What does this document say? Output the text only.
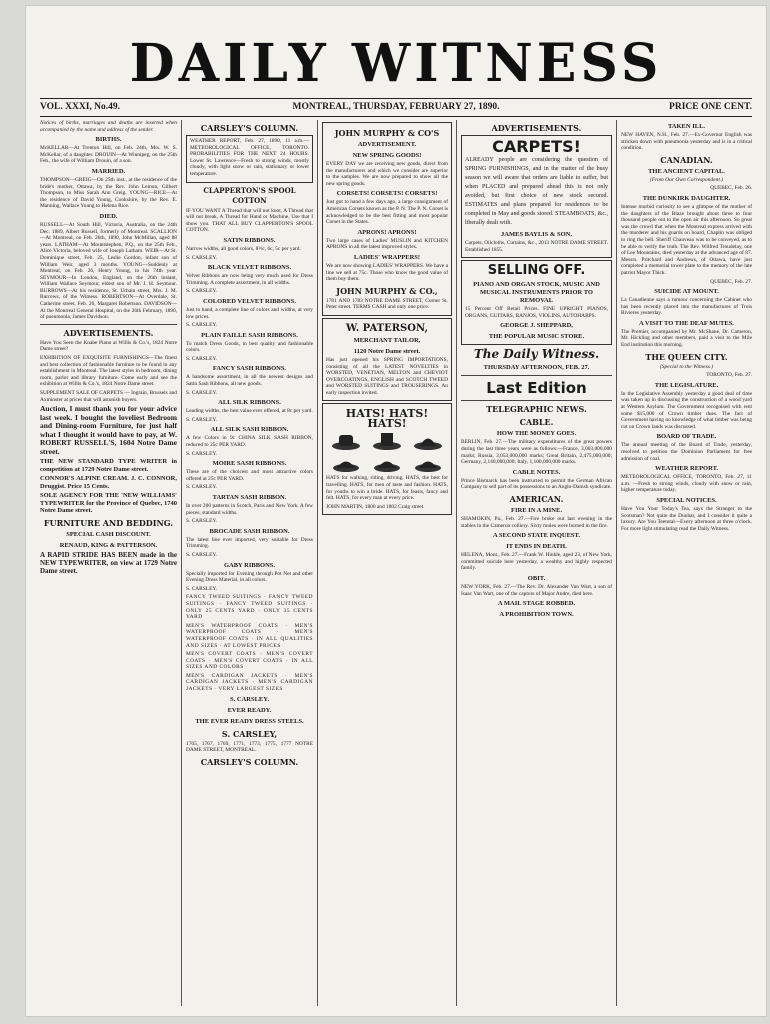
DAILY WITNESS
VOL. XXXI, No.49.	MONTREAL, THURSDAY, FEBRUARY 27, 1890.	PRICE ONE CENT.

Notices of births, marriages and deaths are inserted when accompanied by the name and address of the sender.

BIRTHS.

McKELLAR—At Trenton Hill, on Feb. 24th, Mrs. W. S. McKellar, of a daughter. DROUIN—At Winnipeg, on the 25th Feb., the wife of William Drouin, of a son.

MARRIED.

THOMPSON—GREIG—On 25th inst., at the residence of the bride's mother, Ottawa, by the Rev. John Lemon, Gilbert Thompson, to Miss Sarah Ann Greig. YOUNG—RICE—At the residence of David Young, Cookshire, by the Rev. E. Manning, Wallace Young to Helena Rice.

DIED.

RUSSELL—At South Hill, Victoria, Australia, on the 24th Dec. 1889, Albert Russell, formerly of Montreal. SCALLION—At Montreal, on Feb. 26th, 1890, John McMillan, aged 88 years. LATHAM—At Mountstephen, P.Q., on the 25th Feb., Alice Victoria, beloved wife of Joseph Latham. WEIR—At St. Dominique street, Feb. 25, Leslie Gordon, infant son of William Weir, aged 3 months. YOUNG—Suddenly at Montreal, on Feb. 26, Henry Young, in his 74th year. SEYMOUR—In London, England, on the 26th instant, William Wallace Seymour, eldest son of Mr. J. H. Seymour. BURROWS—At his residence, St. Urbain street, Mrs. J. M. Burrows, of the Witness. ROBERTSON—At Overdale, St. Catherine street, Feb. 26, Margaret Robertson. DAVIDSON—At the Montreal General Hospital, on the 26th February, 1890, of pneumonia, James Davidson.

ADVERTISEMENTS.

Have You Seen the Knabe Piano at Willis & Co.'s, 1824 Notre Dame street?

EXHIBITION OF EXQUISITE FURNISHINGS—The finest and best collection of fashionable furniture to be found in any establishment in Montreal. The latest styles in bedroom, dining room, parlor and library furniture. Come early and see the exhibition at Willis & Co.'s, 1824 Notre Dame street.

SUPPLEMENT SALE OF CARPETS — Ingrain, Brussels and Axminster at prices that will astonish buyers.

Auction, I must thank you for your advice last week. I bought the loveliest Bedroom and Dining-room Furniture, for just half what I thought it would have to pay, at W. ROBERT RUSSELL'S, 1604 Notre Dame street.

THE NEW STANDARD TYPE WRITER in competition at 1729 Notre Dame street.

CONNOR'S ALPINE CREAM. J. C. CONNOR, Druggist. Price 15 Cents.

SOLE AGENCY FOR THE 'NEW WILLIAMS' TYPEWRITER for the Province of Quebec, 1740 Notre Dame street.

FURNITURE AND BEDDING.
SPECIAL CASH DISCOUNT.
RENAUD, KING & PATTERSON.

A RAPID STRIDE HAS BEEN made in the NEW TYPEWRITER, on view at 1729 Notre Dame street.

CARSLEY'S COLUMN.

WEATHER REPORT, Feb. 27, 1890, 11 a.m.—METEOROLOGICAL OFFICE, TORONTO. PROBABILITIES FOR THE NEXT 24 HOURS. Lower St. Lawrence—Fresh to strong winds, mostly cloudy, with light snow or rain, stationary or lower temperature.

CLAPPERTON'S SPOOL COTTON

IF YOU WANT A Thread that will not knot, A Thread that will not break, A Thread for Hand or Machine, Use that I show you. THAT ALL BUY CLAPPERTON'S SPOOL COTTON.

SATIN RIBBONS.

Narrow widths, all good colors, 8½c, 6c, 5c per yard.

S. CARSLEY.

BLACK VELVET RIBBONS.

Velvet Ribbons are now being very much used for Dress Trimming. A complete assortment, in all widths.

S. CARSLEY.

COLORED VELVET RIBBONS.

Just to hand, a complete line of colors and widths, at very low prices.

S. CARSLEY.

PLAIN FAILLE SASH RIBBONS.

To match Dress Goods, in best quality and fashionable colors.

S. CARSLEY.

FANCY SASH RIBBONS.

A handsome assortment, in all the newest designs and Satin Sash Ribbons, all new goods.

S. CARSLEY.

ALL SILK RIBBONS.

Leading widths, the best value ever offered, at 8c per yard.

S. CARSLEY.

ALL SILK SASH RIBBON.

A few Colors in 9c CHINA SILK SASH RIBBON, reduced to 25c PER YARD.

S. CARSLEY.

MOIRE SASH RIBBONS.

These are of the choicest and most attractive colors offered at 25c PER YARD.

S. CARSLEY.

TARTAN SASH RIBBON.

In over 200 patterns in Scotch, Paris and New York. A few pieces, standard widths.

S. CARSLEY.

BROCADE SASH RIBBON.

The latest line ever imported, very suitable for Dress Trimming.

S. CARSLEY.

GABY RIBBONS.

Specially imported for Evening through Pot Net and other Evening Dress Material, in all colors.

S. CARSLEY.

FANCY TWEED SUITINGS · FANCY TWEED SUITINGS · FANCY TWEED SUITINGS · ONLY 25 CENTS YARD · ONLY 35 CENTS YARD

MEN'S WATERPROOF COATS · MEN'S WATERPROOF COATS · MEN'S WATERPROOF COATS · IN ALL QUALITIES AND SIZES · AT LOWEST PRICES

MEN'S COVERT COATS · MEN'S COVERT COATS · MEN'S COVERT COATS · IN ALL SIZES AND COLORS

MEN'S CARDIGAN JACKETS · MEN'S CARDIGAN JACKETS · MEN'S CARDIGAN JACKETS · VERY LARGEST SIZES

S. CARSLEY.
EVER READY.
THE EVER READY DRESS STEELS.
S. CARSLEY,

1765, 1767, 1769, 1771, 1773, 1775, 1777 NOTRE DAME STREET, MONTREAL.

CARSLEY'S COLUMN.
JOHN MURPHY & CO'S
ADVERTISEMENT.
NEW SPRING GOODS!

EVERY DAY we are receiving new goods, direct from the manufacturers and which we consider are superior to the samples. We are now prepared to show all the new spring goods.

CORSETS! CORSETS! CORSETS!

Just got to hand a few days ago, a large consignment of American Corsets known as the P. N. The P. N. Corset is acknowledged to be the best fitting and most popular Corset in the States.

APRONS! APRONS!

Two large cases of Ladies' MUSLIN and KITCHEN APRONS in all the latest improved styles.

LADIES' WRAPPERS!

We are now showing LADIES' WRAPPERS. We have a line we sell at 75c. Those who know the good value of them buy them.

JOHN MURPHY & CO.,

1781 AND 1783 NOTRE DAME STREET, Corner St. Peter street. TERMS CASH and only one price.

W. PATERSON,
MERCHANT TAILOR,
1120 Notre Dame street.

Has just opened his SPRING IMPORTATIONS, consisting of all the LATEST NOVELTIES in WORSTED, VENETIAN, MELTON and CHEVIOT OVERCOATINGS, ENGLISH and SCOTCH TWEED and WORSTED SUITINGS and TROUSERINGS. An early inspection invited.

HATS! HATS! HATS!

HATS for walking, riding, driving. HATS, the best for travelling. HATS, for men of taste and fashion. HATS, for youths to win a bride. HATS, for feasts, fancy and felt. HATS, for every man at every price.

JOHN MARTIN, 1800 and 1802 Craig street.

ADVERTISEMENTS.
CARPETS!

ALREADY people are considering the question of SPRING FURNISHINGS, and in the matter of the busy season we will aware that orders are liable to suffer, but when PLACED and prepared ahead this is not only avoided, but first choice of new stock secured. ESTIMATES and plans prepared for residences to be completed in May and goods stored. STEAMBOATS, &c., liberally dealt with.

JAMES BAYLIS & SON,

Carpets, Oilcloths, Curtains, &c., 2013 NOTRE DAME STREET. Established 1855.

SELLING OFF.
PIANO AND ORGAN STOCK, MUSIC AND MUSICAL INSTRUMENTS PRIOR TO REMOVAL

15 Percent Off Retail Prices. FINE UPRIGHT PIANOS, ORGANS, GUITARS, BANJOS, VIOLINS, AUTOHARPS.

GEORGE J. SHEPPARD,
THE POPULAR MUSIC STORE.
The Daily Witness.
THURSDAY AFTERNOON, FEB. 27.
Last Edition
TELEGRAPHIC NEWS.
CABLE.
HOW THE MONEY GOES.

BERLIN, Feb. 27.—The military expenditures of the great powers during the last three years were as follows:—France, 3,003,000,000 marks; Russia, 3,053,000,000 marks; Great Britain, 2,475,000,000; Germany, 2,140,000,000; Italy, 1,100,000,000 marks.

CABLE NOTES.

Prince Bismarck has been instructed to permit the German African Company to sell part of its possessions to an Anglo-Danish syndicate.

AMERICAN.
FIRE IN A MINE.

SHAMOKIN, Pa., Feb. 27.—Fire broke out last evening in the stables in the Cameron colliery. Sixty mules were burned in the fire.

A SECOND STATE INQUEST.
IT ENDS IN DEATH.

HELENA, Mont., Feb. 27.—Frank W. Hinkle, aged 23, of New York, committed suicide here yesterday, a wealthy and highly respected family.

OBIT.

NEW YORK, Feb. 27.—The Rev. Dr. Alexander Van Wart, a son of Isaac Van Wart, one of the captors of Major Andre, died here.

A MAIL STAGE ROBBED.
A PROHIBITION TOWN.
TAKEN ILL.

NEW HAVEN, N.H., Feb. 27.—Ex-Governor English was stricken down with pneumonia yesterday and is in a critical condition.

CANADIAN.
THE ANCIENT CAPITAL.
(From Our Own Correspondent.)

QUEBEC, Feb. 26.

THE DUNKIRK DAUGHTER.

Intense morbid curiosity to see a glimpse of the mother of the daughters of the Blaze brought about three to four thousand people out to the open air this afternoon. So great was the crowd that when the Montreal express arrived with the murderer and his guards on board, Chaplin was obliged to ring the bell. Sheriff Chauveau was to be conveyed, as to be able to verify the truth. The Rev. Wilfred Troudelay, one of Lee Mountains, died yesterday at the advanced age of 87. Messrs. Pritchard and Andrews, of Ottawa, have just completed a memorial tower plate to the memory of the late patriot Mayor Thick.

QUEBEC, Feb. 27.

SUICIDE AT MOUNT.

La Canadienne says a rumour concerning the Cabinet who has been recently placed into the manufactures of Trois Rivieres yesterday.

A VISIT TO THE DEAF MUTES.

The Premier, accompanied by Mr. McShane, Dr. Cameron, Mr. Hickling and other members, paid a visit to the Mile End institution this morning.

THE QUEEN CITY.
(Special to the Witness.)

TORONTO, Feb. 27.

THE LEGISLATURE.

In the Legislative Assembly yesterday a good deal of time was taken up in discussing the construction of a wood yard at Western Asylum. The Government recognised with rent some $15,000 of Crown timber dues. The fact of Government having no knowledge of what timber was being cut on Crown lands was discussed.

BOARD OF TRADE.

The annual meeting of the Board of Trade, yesterday, resolved to petition the Dominion Parliament for free admission of coal.

WEATHER REPORT.

METEOROLOGICAL OFFICE, TORONTO, Feb. 27, 11 a.m. —Fresh to strong winds, cloudy with snow or rain, higher temperature today.

SPECIAL NOTICES.

Have You Your Today's Tea, says the Stranger to the Scotsman? Not quite the Dunbar, and I consider it quite a luxury. Are You Teetotal—Every afternoon at three o'clock. For more light stimulating read the Daily Witness.
